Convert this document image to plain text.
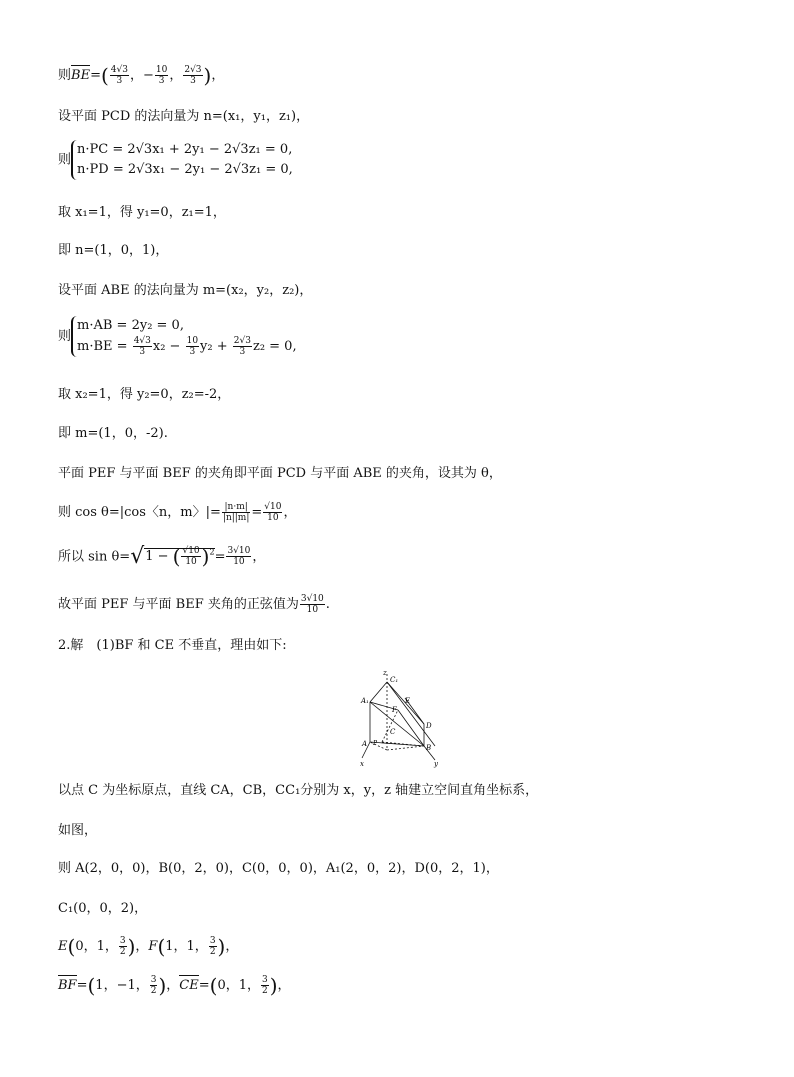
则$BE=( \frac{4√3}{3}$ ，− $\frac{10}{3}$ ， $\frac{2√3}{3}$ )，
设平面 PCD 的法向量为 n=(x₁，y₁，z₁)，
则
n·PC = 2√3x₁ + 2y₁ − 2√3z₁ = 0,
n·PD = 2√3x₁ − 2y₁ − 2√3z₁ = 0,
取 x₁=1，得 y₁=0，z₁=1，
即 n=(1，0，1)，
设平面 ABE 的法向量为 m=(x₂，y₂，z₂)，
则
m·AB = 2y₂ = 0,
$m\cdot BE = \frac{4√3}{3} x_2 - \frac{10}{3} y_2 + \frac{2√3}{3} z_2 = 0$,
取 x₂=1，得 y₂=0，z₂=-2，
即 m=(1，0，-2).
平面 PEF 与平面 BEF 的夹角即平面 PCD 与平面 ABE 的夹角，设其为 θ，
则 cos θ=|cos〈n，m〉|= $\frac{|n\cdot m|}{|n||m|} = \frac{√10}{10}$ ，
所以 sin θ=√1 − ( $\frac{√10}{10} )^2= \frac{3√10}{10}$ ，
故平面 PEF 与平面 BEF 夹角的正弦值为 $\frac{3√10}{10}$ .
2.解　(1)BF 和 CE 不垂直，理由如下:
z
C₁
A₁	E
F
D
C
P
A	B
x	y
以点 C 为坐标原点，直线 CA，CB，CC₁分别为 x，y，z 轴建立空间直角坐标系，
如图，
则 A(2，0，0)，B(0，2，0)，C(0，0，0)，A₁(2，0，2)，D(0，2，1)，
C₁(0，0，2)，
E(0，1， $\frac{3}{2}$ )，F(1，1， $\frac{3}{2}$ )，
BF=(1，−1， $\frac{3}{2}$ )，CE=(0，1， $\frac{3}{2}$ )，
